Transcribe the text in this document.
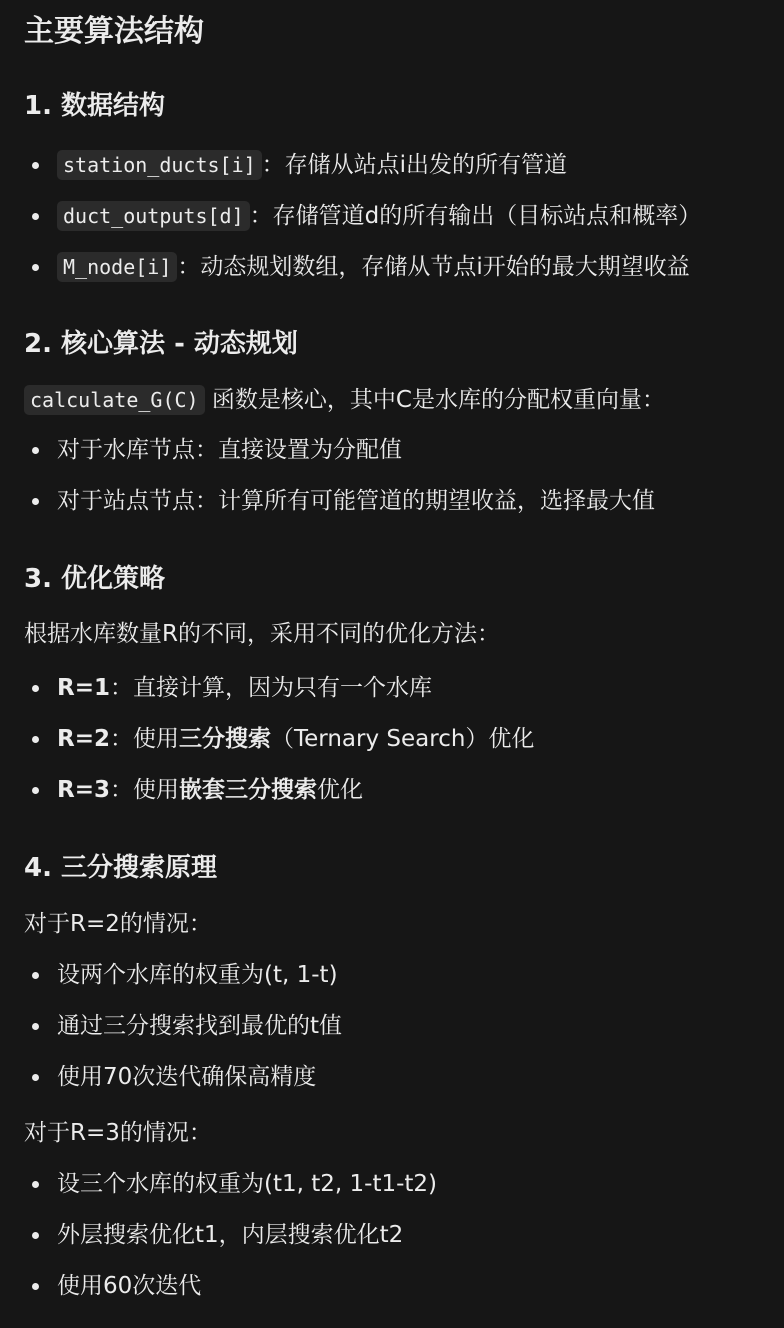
主要算法结构
1. 数据结构
station_ducts[i] ：存储从站点i出发的所有管道
duct_outputs[d] ：存储管道d的所有输出（目标站点和概率）
M_node[i] ：动态规划数组，存储从节点i开始的最大期望收益
2. 核心算法 - 动态规划
calculate_G(C) 函数是核心，其中C是水库的分配权重向量：
对于水库节点：直接设置为分配值
对于站点节点：计算所有可能管道的期望收益，选择最大值
3. 优化策略
根据水库数量R的不同，采用不同的优化方法：
R=1：直接计算，因为只有一个水库
R=2：使用三分搜索（Ternary Search）优化
R=3：使用嵌套三分搜索优化
4. 三分搜索原理
对于R=2的情况：
设两个水库的权重为(t, 1-t)
通过三分搜索找到最优的t值
使用70次迭代确保高精度
对于R=3的情况：
设三个水库的权重为(t1, t2, 1-t1-t2)
外层搜索优化t1，内层搜索优化t2
使用60次迭代
